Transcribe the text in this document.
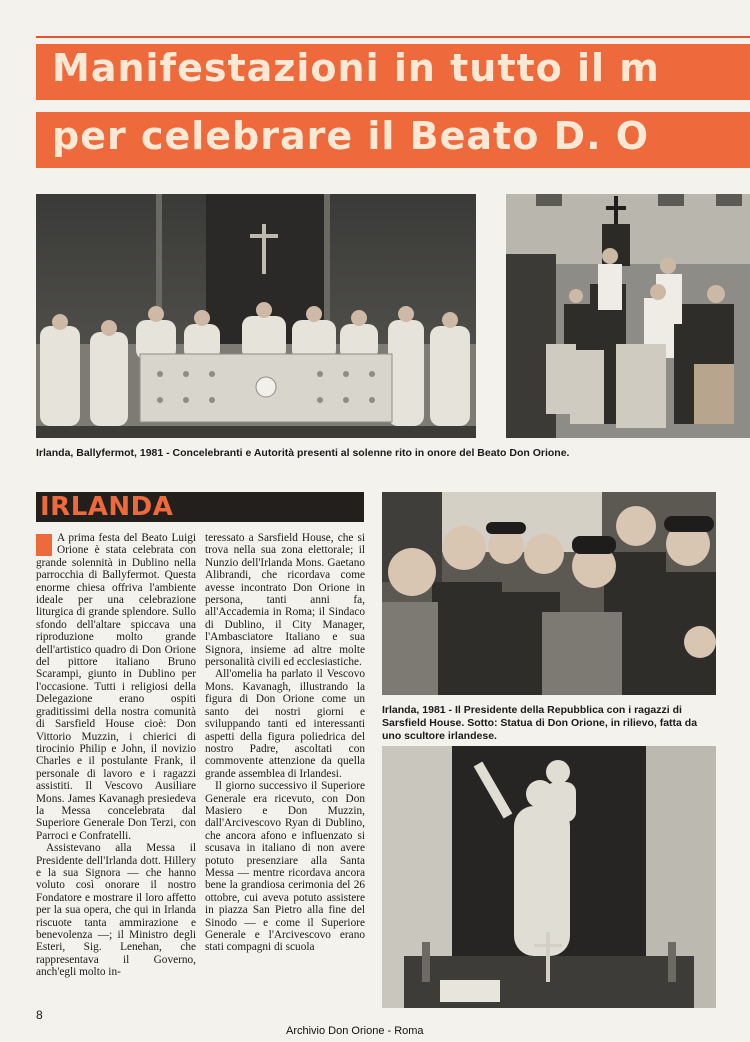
Manifestazioni in tutto il m
per celebrare il Beato D. O
Irlanda, Ballyfermot, 1981 - Concelebranti e Autorità presenti al solenne rito in onore del Beato Don Orione.
IRLANDA

A prima festa del Beato Luigi Orione è stata celebrata con grande solennità in Dublino nella parrocchia di Ballyfermot. Questa enorme chiesa offriva l'ambiente ideale per una celebrazione liturgica di grande splendore. Sullo sfondo dell'altare spiccava una riproduzione molto grande dell'artistico quadro di Don Orione del pittore italiano Bruno Scarampi, giunto in Dublino per l'occasione. Tutti i religiosi della Delegazione erano ospiti graditissimi della nostra comunità di Sarsfield House cioè: Don Vittorio Muzzin, i chierici di tirocinio Philip e John, il novizio Charles e il postulante Frank, il personale di lavoro e i ragazzi assistiti. Il Vescovo Ausiliare Mons. James Kavanagh presiedeva la Messa concelebrata dal Superiore Generale Don Terzi, con Parroci e Confratelli.

Assistevano alla Messa il Presidente dell'Irlanda dott. Hillery e la sua Signora — che hanno voluto così onorare il nostro Fondatore e mostrare il loro affetto per la sua opera, che qui in Irlanda riscuote tanta ammirazione e benevolenza —; il Ministro degli Esteri, Sig. Lenehan, che rappresentava il Governo, anch'egli molto in-

teressato a Sarsfield House, che si trova nella sua zona elettorale; il Nunzio dell'Irlanda Mons. Gaetano Alibrandi, che ricordava come avesse incontrato Don Orione in persona, tanti anni fa, all'Accademia in Roma; il Sindaco di Dublino, il City Manager, l'Ambasciatore Italiano e sua Signora, insieme ad altre molte personalità civili ed ecclesiastiche.

All'omelia ha parlato il Vescovo Mons. Kavanagh, illustrando la figura di Don Orione come un santo dei nostri giorni e sviluppando tanti ed interessanti aspetti della figura poliedrica del nostro Padre, ascoltati con commovente attenzione da quella grande assemblea di Irlandesi.

Il giorno successivo il Superiore Generale era ricevuto, con Don Masiero e Don Muzzin, dall'Arcivescovo Ryan di Dublino, che ancora afono e influenzato si scusava in italiano di non avere potuto presenziare alla Santa Messa — mentre ricordava ancora bene la grandiosa cerimonia del 26 ottobre, cui aveva potuto assistere in piazza San Pietro alla fine del Sinodo — e come il Superiore Generale e l'Arcivescovo erano stati compagni di scuola

Irlanda, 1981 - Il Presidente della Repubblica con i ragazzi di Sarsfield House. Sotto: Statua di Don Orione, in rilievo, fatta da uno scultore irlandese.
8
Archivio Don Orione - Roma
